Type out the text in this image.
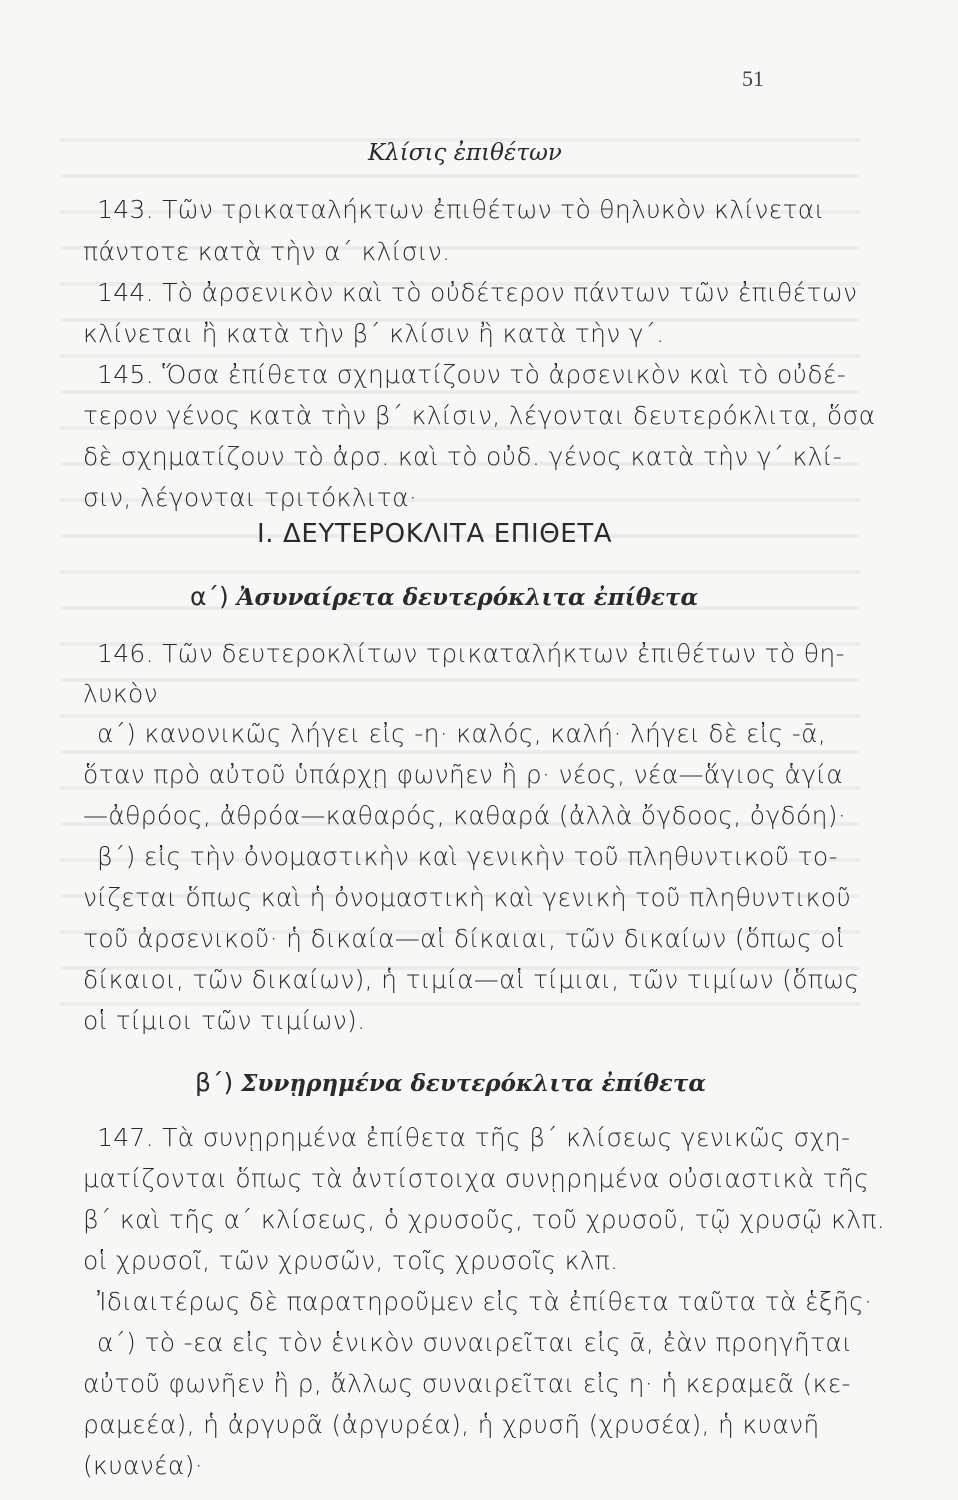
51
Κλίσις ἐπιθέτων
143. Τῶν τρικαταλήκτων ἐπιθέτων τὸ θηλυκὸν κλίνεται
πάντοτε κατὰ τὴν α΄ κλίσιν.
144. Τὸ ἀρσενικὸν καὶ τὸ οὐδέτερον πάντων τῶν ἐπιθέτων
κλίνεται ἢ κατὰ τὴν β΄ κλίσιν ἢ κατὰ τὴν γ΄.
145. Ὅσα ἐπίθετα σχηματίζουν τὸ ἀρσενικὸν καὶ τὸ οὐδέ-
τερον γένος κατὰ τὴν β΄ κλίσιν, λέγονται δευτερόκλιτα, ὅσα
δὲ σχηματίζουν τὸ ἀρσ. καὶ τὸ οὐδ. γένος κατὰ τὴν γ΄ κλί-
σιν, λέγονται τριτόκλιτα·
I. ΔΕΥΤΕΡΟΚΛΙΤΑ ΕΠΙΘΕΤΑ
α΄) Ἀσυναίρετα δευτερόκλιτα ἐπίθετα
146. Τῶν δευτεροκλίτων τρικαταλήκτων ἐπιθέτων τὸ θη-
λυκὸν
α΄) κανονικῶς λήγει εἰς -η· καλός, καλή· λήγει δὲ εἰς -ᾱ,
ὅταν πρὸ αὐτοῦ ὑπάρχῃ φωνῆεν ἢ ρ· νέος, νέα—ἅγιος ἁγία
—ἀθρόος, ἀθρόα—καθαρός, καθαρά (ἀλλὰ ὄγδοος, ὀγδόη)·
β΄) εἰς τὴν ὀνομαστικὴν καὶ γενικὴν τοῦ πληθυντικοῦ το-
νίζεται ὅπως καὶ ἡ ὀνομαστικὴ καὶ γενικὴ τοῦ πληθυντικοῦ
τοῦ ἀρσενικοῦ· ἡ δικαία—αἱ δίκαιαι, τῶν δικαίων (ὅπως οἱ
δίκαιοι, τῶν δικαίων), ἡ τιμία—αἱ τίμιαι, τῶν τιμίων (ὅπως
οἱ τίμιοι τῶν τιμίων).
β΄) Συνῃρημένα δευτερόκλιτα ἐπίθετα
147. Τὰ συνῃρημένα ἐπίθετα τῆς β΄ κλίσεως γενικῶς σχη-
ματίζονται ὅπως τὰ ἀντίστοιχα συνῃρημένα οὐσιαστικὰ τῆς
β΄ καὶ τῆς α΄ κλίσεως, ὁ χρυσοῦς, τοῦ χρυσοῦ, τῷ χρυσῷ κλπ.
οἱ χρυσοῖ, τῶν χρυσῶν, τοῖς χρυσοῖς κλπ.
Ἰδιαιτέρως δὲ παρατηροῦμεν εἰς τὰ ἐπίθετα ταῦτα τὰ ἑξῆς·
α΄) τὸ -εα εἰς τὸν ἑνικὸν συναιρεῖται εἰς ᾱ, ἐὰν προηγῆται
αὐτοῦ φωνῆεν ἢ ρ, ἄλλως συναιρεῖται εἰς η· ἡ κεραμεᾶ (κε-
ραμεέα), ἡ ἀργυρᾶ (ἀργυρέα), ἡ χρυσῆ (χρυσέα), ἡ κυανῆ
(κυανέα)·
